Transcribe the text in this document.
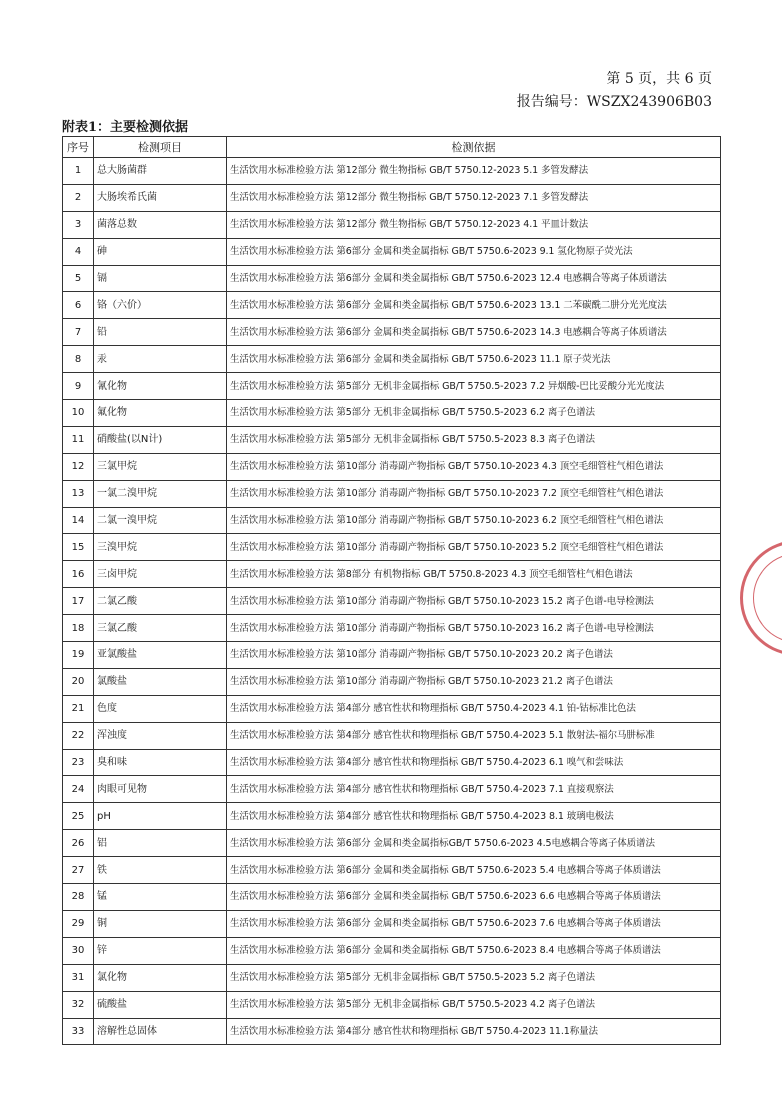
第 5 页，共 6 页
报告编号：WSZX243906B03
附表1：主要检测依据
序号	检测项目	检测依据
1	总大肠菌群	生活饮用水标准检验方法 第12部分 微生物指标 GB/T 5750.12-2023 5.1 多管发酵法
2	大肠埃希氏菌	生活饮用水标准检验方法 第12部分 微生物指标 GB/T 5750.12-2023 7.1 多管发酵法
3	菌落总数	生活饮用水标准检验方法 第12部分 微生物指标 GB/T 5750.12-2023 4.1 平皿计数法
4	砷	生活饮用水标准检验方法 第6部分 金属和类金属指标 GB/T 5750.6-2023 9.1 氢化物原子荧光法
5	镉	生活饮用水标准检验方法 第6部分 金属和类金属指标 GB/T 5750.6-2023 12.4 电感耦合等离子体质谱法
6	铬（六价）	生活饮用水标准检验方法 第6部分 金属和类金属指标 GB/T 5750.6-2023 13.1 二苯碳酰二肼分光光度法
7	铅	生活饮用水标准检验方法 第6部分 金属和类金属指标 GB/T 5750.6-2023 14.3 电感耦合等离子体质谱法
8	汞	生活饮用水标准检验方法 第6部分 金属和类金属指标 GB/T 5750.6-2023 11.1 原子荧光法
9	氰化物	生活饮用水标准检验方法 第5部分 无机非金属指标 GB/T 5750.5-2023 7.2 异烟酸-巴比妥酸分光光度法
10	氟化物	生活饮用水标准检验方法 第5部分 无机非金属指标 GB/T 5750.5-2023 6.2 离子色谱法
11	硝酸盐(以N计)	生活饮用水标准检验方法 第5部分 无机非金属指标 GB/T 5750.5-2023 8.3 离子色谱法
12	三氯甲烷	生活饮用水标准检验方法 第10部分 消毒副产物指标 GB/T 5750.10-2023 4.3 顶空毛细管柱气相色谱法
13	一氯二溴甲烷	生活饮用水标准检验方法 第10部分 消毒副产物指标 GB/T 5750.10-2023 7.2 顶空毛细管柱气相色谱法
14	二氯一溴甲烷	生活饮用水标准检验方法 第10部分 消毒副产物指标 GB/T 5750.10-2023 6.2 顶空毛细管柱气相色谱法
15	三溴甲烷	生活饮用水标准检验方法 第10部分 消毒副产物指标 GB/T 5750.10-2023 5.2 顶空毛细管柱气相色谱法
16	三卤甲烷	生活饮用水标准检验方法 第8部分 有机物指标 GB/T 5750.8-2023 4.3 顶空毛细管柱气相色谱法
17	二氯乙酸	生活饮用水标准检验方法 第10部分 消毒副产物指标 GB/T 5750.10-2023 15.2 离子色谱-电导检测法
18	三氯乙酸	生活饮用水标准检验方法 第10部分 消毒副产物指标 GB/T 5750.10-2023 16.2 离子色谱-电导检测法
19	亚氯酸盐	生活饮用水标准检验方法 第10部分 消毒副产物指标 GB/T 5750.10-2023 20.2 离子色谱法
20	氯酸盐	生活饮用水标准检验方法 第10部分 消毒副产物指标 GB/T 5750.10-2023 21.2 离子色谱法
21	色度	生活饮用水标准检验方法 第4部分 感官性状和物理指标 GB/T 5750.4-2023 4.1 铂-钴标准比色法
22	浑浊度	生活饮用水标准检验方法 第4部分 感官性状和物理指标 GB/T 5750.4-2023 5.1 散射法-福尔马肼标准
23	臭和味	生活饮用水标准检验方法 第4部分 感官性状和物理指标 GB/T 5750.4-2023 6.1 嗅气和尝味法
24	肉眼可见物	生活饮用水标准检验方法 第4部分 感官性状和物理指标 GB/T 5750.4-2023 7.1 直接观察法
25	pH	生活饮用水标准检验方法 第4部分 感官性状和物理指标 GB/T 5750.4-2023 8.1 玻璃电极法
26	铝	生活饮用水标准检验方法 第6部分 金属和类金属指标GB/T 5750.6-2023 4.5电感耦合等离子体质谱法
27	铁	生活饮用水标准检验方法 第6部分 金属和类金属指标 GB/T 5750.6-2023 5.4 电感耦合等离子体质谱法
28	锰	生活饮用水标准检验方法 第6部分 金属和类金属指标 GB/T 5750.6-2023 6.6 电感耦合等离子体质谱法
29	铜	生活饮用水标准检验方法 第6部分 金属和类金属指标 GB/T 5750.6-2023 7.6 电感耦合等离子体质谱法
30	锌	生活饮用水标准检验方法 第6部分 金属和类金属指标 GB/T 5750.6-2023 8.4 电感耦合等离子体质谱法
31	氯化物	生活饮用水标准检验方法 第5部分 无机非金属指标 GB/T 5750.5-2023 5.2 离子色谱法
32	硫酸盐	生活饮用水标准检验方法 第5部分 无机非金属指标 GB/T 5750.5-2023 4.2 离子色谱法
33	溶解性总固体	生活饮用水标准检验方法 第4部分 感官性状和物理指标 GB/T 5750.4-2023 11.1称量法
